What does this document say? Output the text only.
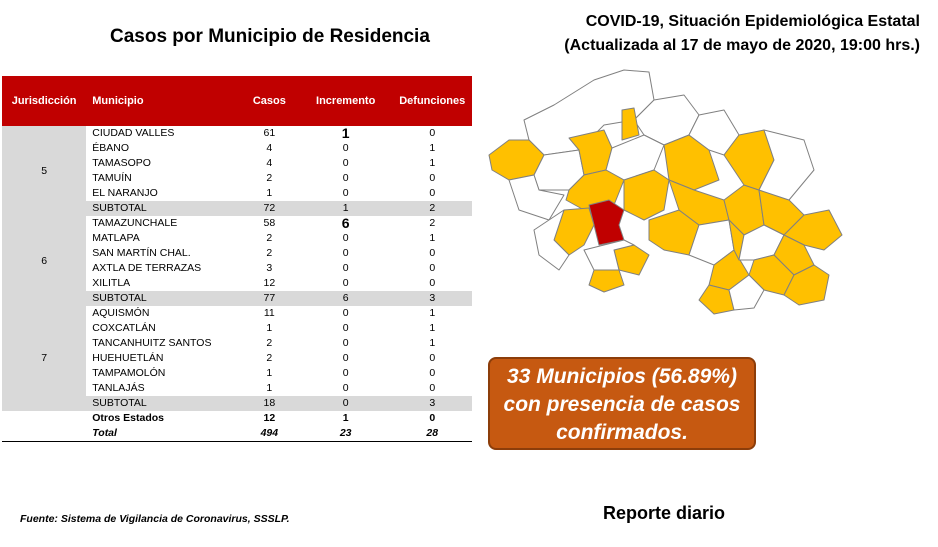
Casos por Municipio de Residencia
COVID-19, Situación Epidemiológica Estatal
(Actualizada al 17 de mayo de 2020, 19:00 hrs.)
Jurisdicción	Municipio	Casos	Incremento	Defunciones
5	CIUDAD VALLES	61	1	0
	ÉBANO	4	0	1
	TAMASOPO	4	0	1
	TAMUÍN	2	0	0
	EL NARANJO	1	0	0
	SUBTOTAL	72	1	2
6	TAMAZUNCHALE	58	6	2
	MATLAPA	2	0	1
	SAN MARTÍN CHAL.	2	0	0
	AXTLA DE TERRAZAS	3	0	0
	XILITLA	12	0	0
	SUBTOTAL	77	6	3
7	AQUISMÓN	11	0	1
	COXCATLÁN	1	0	1
	TANCANHUITZ SANTOS	2	0	1
	HUEHUETLÁN	2	0	0
	TAMPAMOLÓN	1	0	0
	TANLAJÁS	1	0	0
	SUBTOTAL	18	0	3
	Otros Estados	12	1	0
	Total	494	23	28
33 Municipios (56.89%)
con presencia de casos
confirmados.
Reporte diario
Fuente: Sistema de Vigilancia de Coronavirus, SSSLP.
